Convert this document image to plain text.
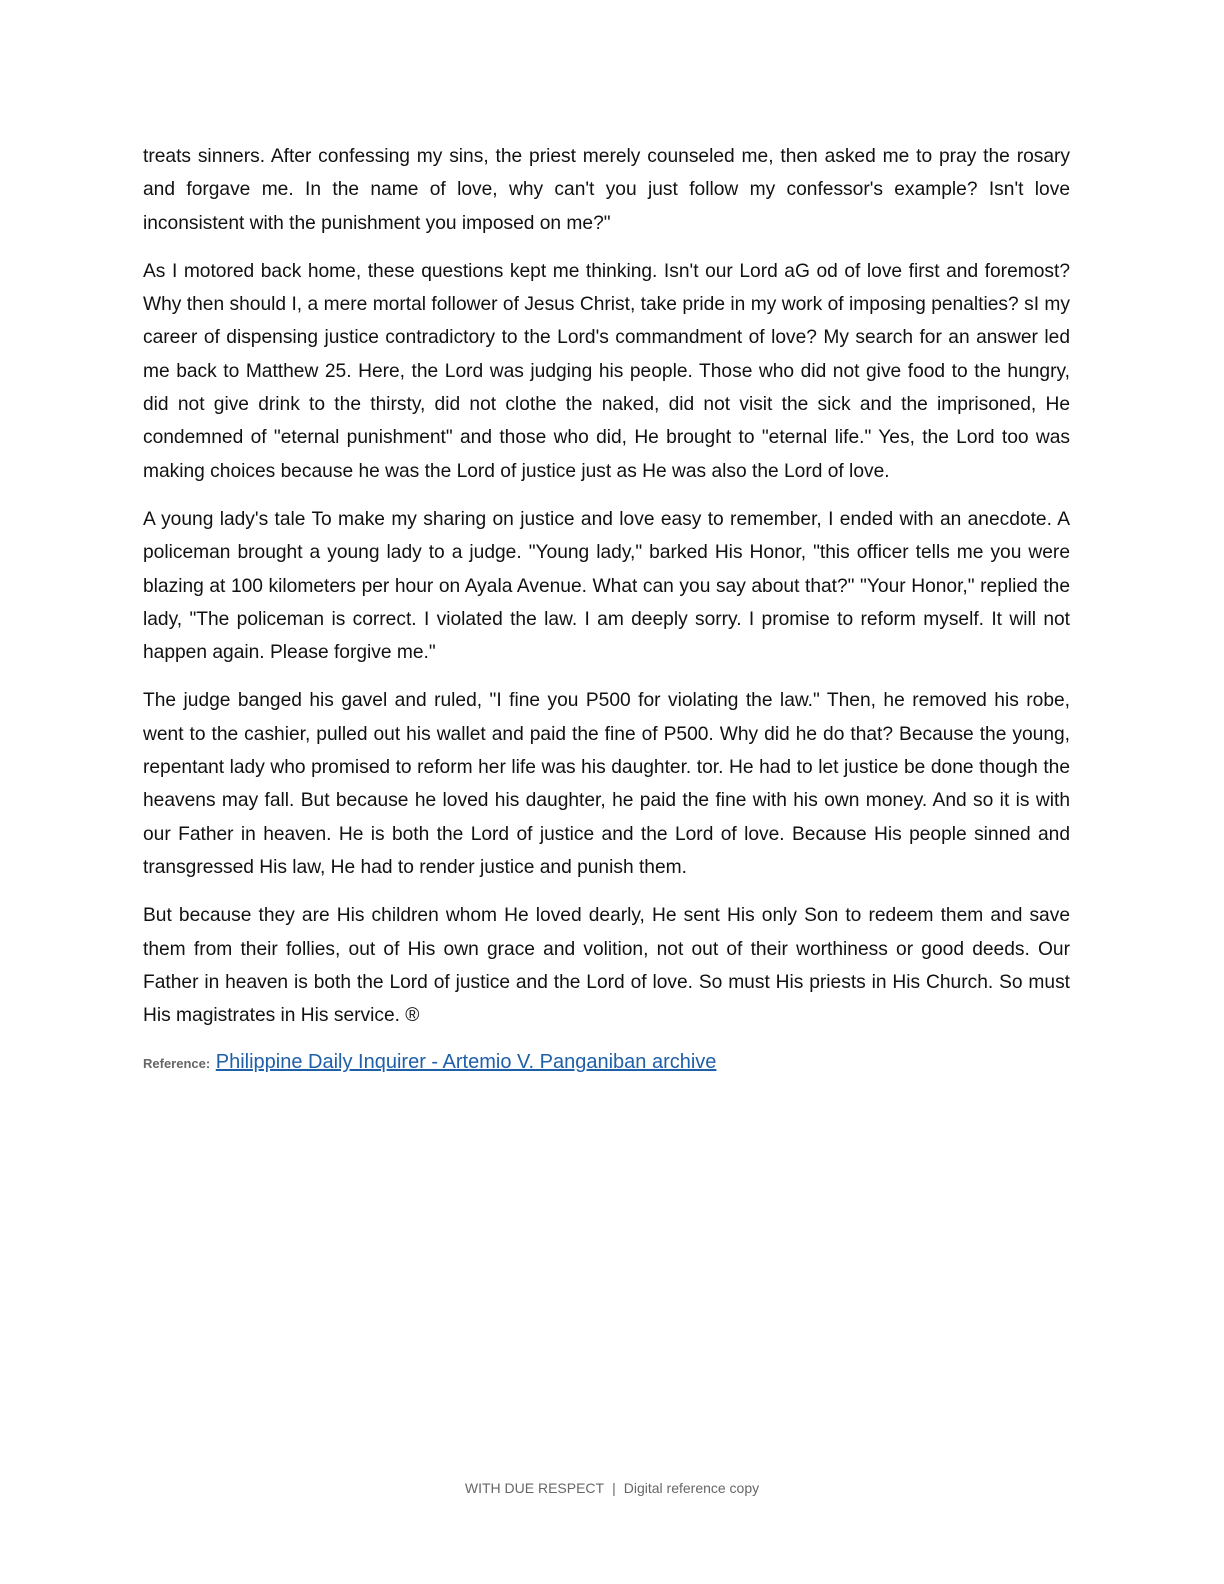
treats sinners. After confessing my sins, the priest merely counseled me, then asked me to pray the rosary and forgave me. In the name of love, why can't you just follow my confessor's example? Isn't love inconsistent with the punishment you imposed on me?"

As I motored back home, these questions kept me thinking. Isn't our Lord aG od of love first and foremost? Why then should I, a mere mortal follower of Jesus Christ, take pride in my work of imposing penalties? sI my career of dispensing justice contradictory to the Lord's commandment of love? My search for an answer led me back to Matthew 25. Here, the Lord was judging his people. Those who did not give food to the hungry, did not give drink to the thirsty, did not clothe the naked, did not visit the sick and the imprisoned, He condemned of "eternal punishment" and those who did, He brought to "eternal life." Yes, the Lord too was making choices because he was the Lord of justice just as He was also the Lord of love.

A young lady's tale To make my sharing on justice and love easy to remember, I ended with an anecdote. A policeman brought a young lady to a judge. "Young lady," barked His Honor, "this officer tells me you were blazing at 100 kilometers per hour on Ayala Avenue. What can you say about that?" "Your Honor," replied the lady, "The policeman is correct. I violated the law. I am deeply sorry. I promise to reform myself. It will not happen again. Please forgive me."

The judge banged his gavel and ruled, "I fine you P500 for violating the law." Then, he removed his robe, went to the cashier, pulled out his wallet and paid the fine of P500. Why did he do that? Because the young, repentant lady who promised to reform her life was his daughter. tor. He had to let justice be done though the heavens may fall. But because he loved his daughter, he paid the fine with his own money. And so it is with our Father in heaven. He is both the Lord of justice and the Lord of love. Because His people sinned and transgressed His law, He had to render justice and punish them.

But because they are His children whom He loved dearly, He sent His only Son to redeem them and save them from their follies, out of His own grace and volition, not out of their worthiness or good deeds. Our Father in heaven is both the Lord of justice and the Lord of love. So must His priests in His Church. So must His magistrates in His service. ®

Reference: Philippine Daily Inquirer - Artemio V. Panganiban archive
WITH DUE RESPECT | Digital reference copy
